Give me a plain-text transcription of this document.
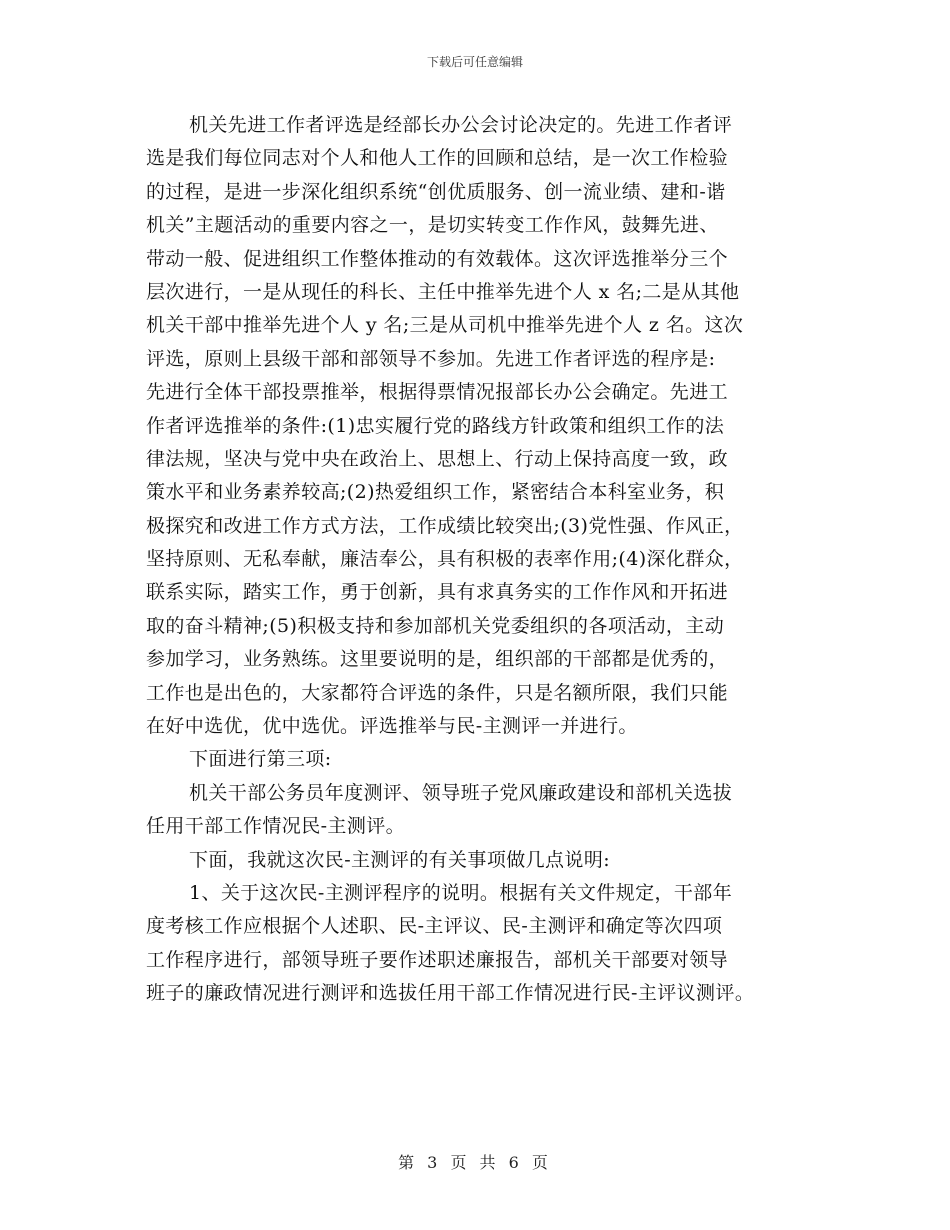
下载后可任意编辑
机关先进工作者评选是经部长办公会讨论决定的。先进工作者评
选是我们每位同志对个人和他人工作的回顾和总结，是一次工作检验
的过程，是进一步深化组织系统“创优质服务、创一流业绩、建和-谐
机关”主题活动的重要内容之一，是切实转变工作作风，鼓舞先进、
带动一般、促进组织工作整体推动的有效载体。这次评选推举分三个
层次进行，一是从现任的科长、主任中推举先进个人 x 名;二是从其他
机关干部中推举先进个人 y 名;三是从司机中推举先进个人 z 名。这次
评选，原则上县级干部和部领导不参加。先进工作者评选的程序是:
先进行全体干部投票推举，根据得票情况报部长办公会确定。先进工
作者评选推举的条件:(1)忠实履行党的路线方针政策和组织工作的法
律法规，坚决与党中央在政治上、思想上、行动上保持高度一致，政
策水平和业务素养较高;(2)热爱组织工作，紧密结合本科室业务，积
极探究和改进工作方式方法，工作成绩比较突出;(3)党性强、作风正，
坚持原则、无私奉献，廉洁奉公，具有积极的表率作用;(4)深化群众，
联系实际，踏实工作，勇于创新，具有求真务实的工作作风和开拓进
取的奋斗精神;(5)积极支持和参加部机关党委组织的各项活动，主动
参加学习，业务熟练。这里要说明的是，组织部的干部都是优秀的，
工作也是出色的，大家都符合评选的条件，只是名额所限，我们只能
在好中选优，优中选优。评选推举与民-主测评一并进行。
下面进行第三项:
机关干部公务员年度测评、领导班子党风廉政建设和部机关选拔
任用干部工作情况民-主测评。
下面，我就这次民-主测评的有关事项做几点说明:
1、关于这次民-主测评程序的说明。根据有关文件规定，干部年
度考核工作应根据个人述职、民-主评议、民-主测评和确定等次四项
工作程序进行，部领导班子要作述职述廉报告，部机关干部要对领导
班子的廉政情况进行测评和选拔任用干部工作情况进行民-主评议测评。
第 3 页 共 6 页
